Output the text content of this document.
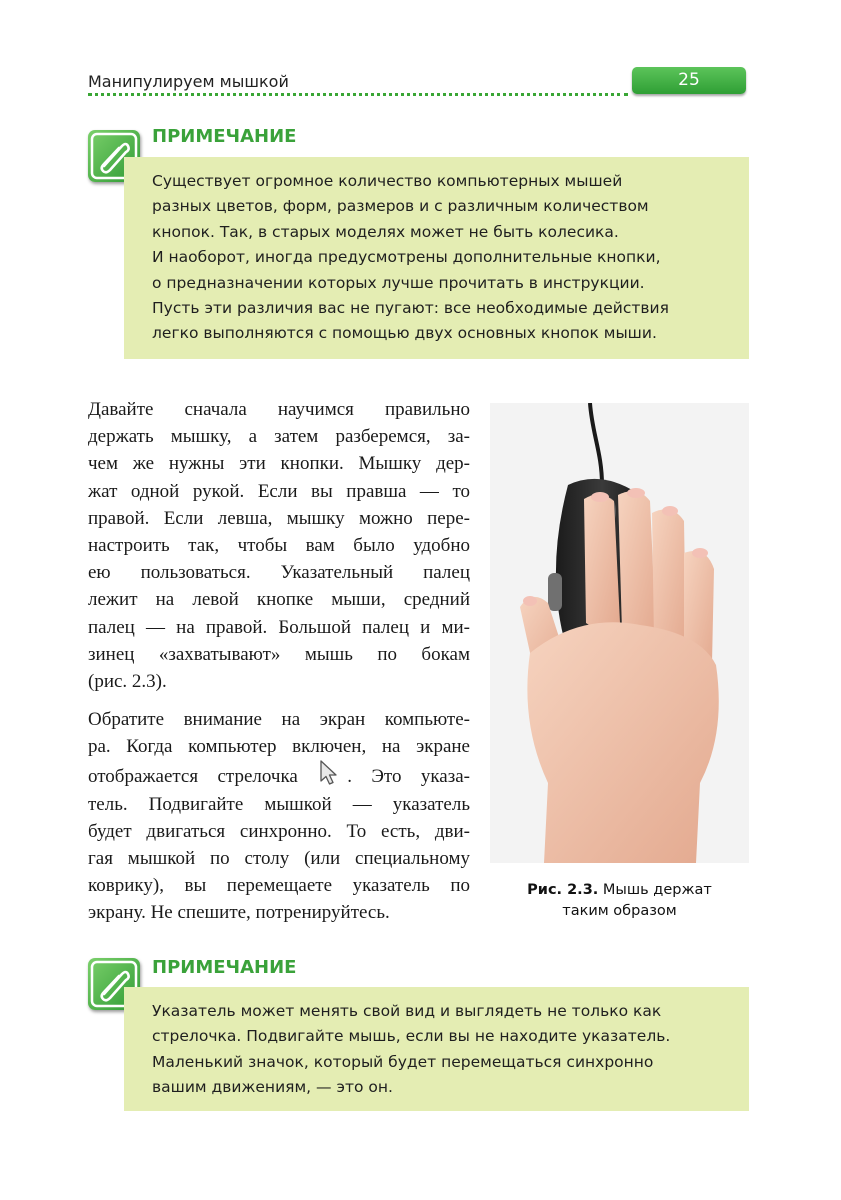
Манипулируем мышкой	25
ПРИМЕЧАНИЕ
Существует огромное количество компьютерных мышей
разных цветов, форм, размеров и с различным количеством
кнопок. Так, в старых моделях может не быть колесика.
И наоборот, иногда предусмотрены дополнительные кнопки,
о предназначении которых лучше прочитать в инструкции.
Пусть эти различия вас не пугают: все необходимые действия
легко выполняются с помощью двух основных кнопок мыши.
Давайте сначала научимся правильно
держать мышку, а затем разберемся, за-
чем же нужны эти кнопки. Мышку дер-
жат одной рукой. Если вы правша — то
правой. Если левша, мышку можно пере-
настроить так, чтобы вам было удобно
ею пользоваться. Указательный палец
лежит на левой кнопке мыши, средний
палец — на правой. Большой палец и ми-
зинец «захватывают» мышь по бокам
(рис. 2.3).
Обратите внимание на экран компьюте-
ра. Когда компьютер включен, на экране
отображается стрелочка	. Это указа-
тель. Подвигайте мышкой — указатель
будет двигаться синхронно. То есть, дви-
гая мышкой по столу (или специальному
коврику), вы перемещаете указатель по
экрану. Не спешите, потренируйтесь.
Рис. 2.3. Мышь держат
таким образом
ПРИМЕЧАНИЕ
Указатель может менять свой вид и выглядеть не только как
стрелочка. Подвигайте мышь, если вы не находите указатель.
Маленький значок, который будет перемещаться синхронно
вашим движениям, — это он.
